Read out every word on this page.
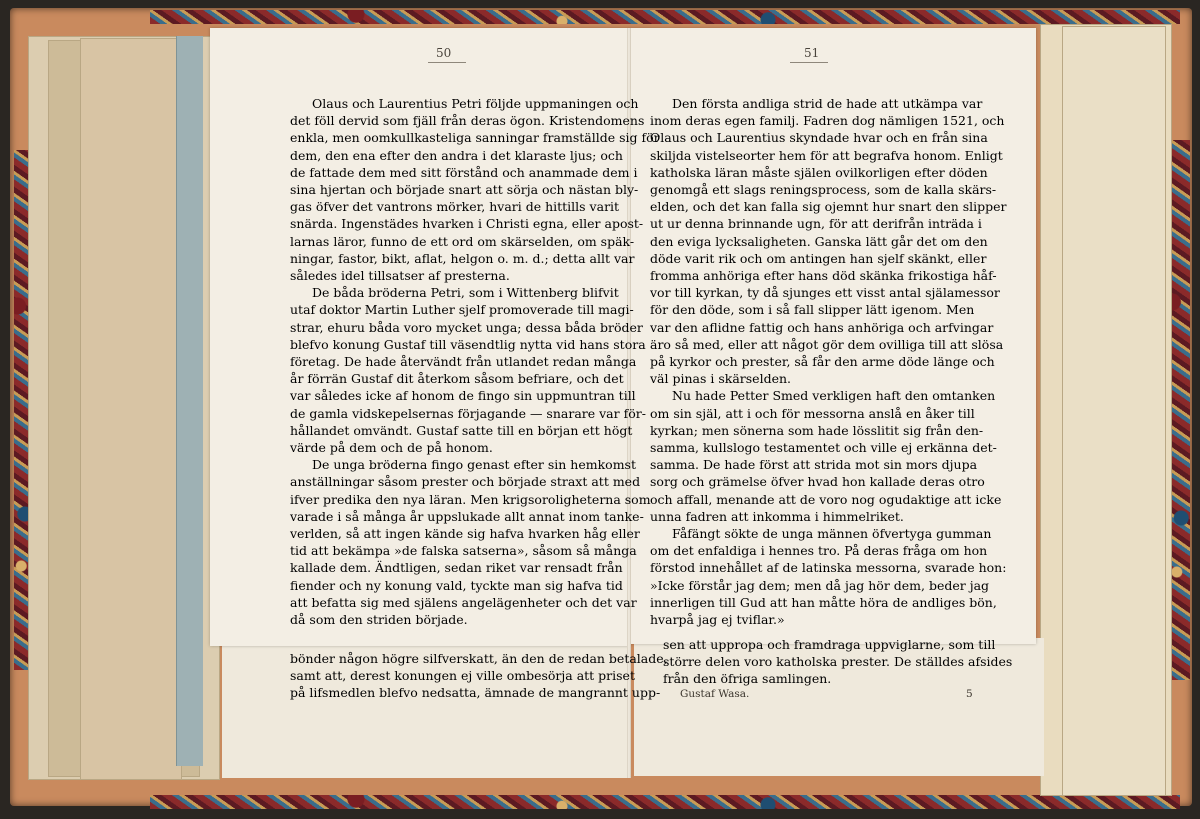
50	51

Olaus och Laurentius Petri följde uppmaningen och

det föll dervid som fjäll från deras ögon. Kristendomens

enkla, men oomkullkasteliga sanningar framställde sig för

dem, den ena efter den andra i det klaraste ljus; och

de fattade dem med sitt förstånd och anammade dem i

sina hjertan och började snart att sörja och nästan bly-

gas öfver det vantrons mörker, hvari de hittills varit

snärda. Ingenstädes hvarken i Christi egna, eller apost-

larnas läror, funno de ett ord om skärselden, om späk-

ningar, fastor, bikt, aflat, helgon o. m. d.; detta allt var

således idel tillsatser af presterna.

De båda bröderna Petri, som i Wittenberg blifvit

utaf doktor Martin Luther sjelf promoverade till magi-

strar, ehuru båda voro mycket unga; dessa båda bröder

blefvo konung Gustaf till väsendtlig nytta vid hans stora

företag. De hade återvändt från utlandet redan många

år förrän Gustaf dit återkom såsom befriare, och det

var således icke af honom de fingo sin uppmuntran till

de gamla vidskepelsernas förjagande — snarare var för-

hållandet omvändt. Gustaf satte till en början ett högt

värde på dem och de på honom.

De unga bröderna fingo genast efter sin hemkomst

anställningar såsom prester och började straxt att med

ifver predika den nya läran. Men krigsoroligheterna som

varade i så många år uppslukade allt annat inom tanke-

verlden, så att ingen kände sig hafva hvarken håg eller

tid att bekämpa »de falska satserna», såsom så många

kallade dem. Ändtligen, sedan riket var rensadt från

fiender och ny konung vald, tyckte man sig hafva tid

att befatta sig med själens angelägenheter och det var

då som den striden började.

Den första andliga strid de hade att utkämpa var

inom deras egen familj. Fadren dog nämligen 1521, och

Olaus och Laurentius skyndade hvar och en från sina

skiljda vistelseorter hem för att begrafva honom. Enligt

katholska läran måste själen ovilkorligen efter döden

genomgå ett slags reningsprocess, som de kalla skärs-

elden, och det kan falla sig ojemnt hur snart den slipper

ut ur denna brinnande ugn, för att derifrån inträda i

den eviga lycksaligheten. Ganska lätt går det om den

döde varit rik och om antingen han sjelf skänkt, eller

fromma anhöriga efter hans död skänka frikostiga håf-

vor till kyrkan, ty då sjunges ett visst antal själamessor

för den döde, som i så fall slipper lätt igenom. Men

var den aflidne fattig och hans anhöriga och arfvingar

äro så med, eller att något gör dem ovilliga till att slösa

på kyrkor och prester, så får den arme döde länge och

väl pinas i skärselden.

Nu hade Petter Smed verkligen haft den omtanken

om sin själ, att i och för messorna anslå en åker till

kyrkan; men sönerna som hade lösslitit sig från den-

samma, kullslogo testamentet och ville ej erkänna det-

samma. De hade först att strida mot sin mors djupa

sorg och grämelse öfver hvad hon kallade deras otro

och affall, menande att de voro nog ogudaktige att icke

unna fadren att inkomma i himmelriket.

Fåfängt sökte de unga männen öfvertyga gumman

om det enfaldiga i hennes tro. På deras fråga om hon

förstod innehållet af de latinska messorna, svarade hon:

»Icke förstår jag dem; men då jag hör dem, beder jag

innerligen till Gud att han måtte höra de andliges bön,

hvarpå jag ej tviflar.»

bönder någon högre silfverskatt, än den de redan betalade,

samt att, derest konungen ej ville ombesörja att priset

på lifsmedlen blefvo nedsatta, ämnade de mangrannt upp-

sen att uppropa och framdraga uppviglarne, som till

större delen voro katholska prester. De ställdes afsides

från den öfriga samlingen.

Gustaf Wasa.	5
